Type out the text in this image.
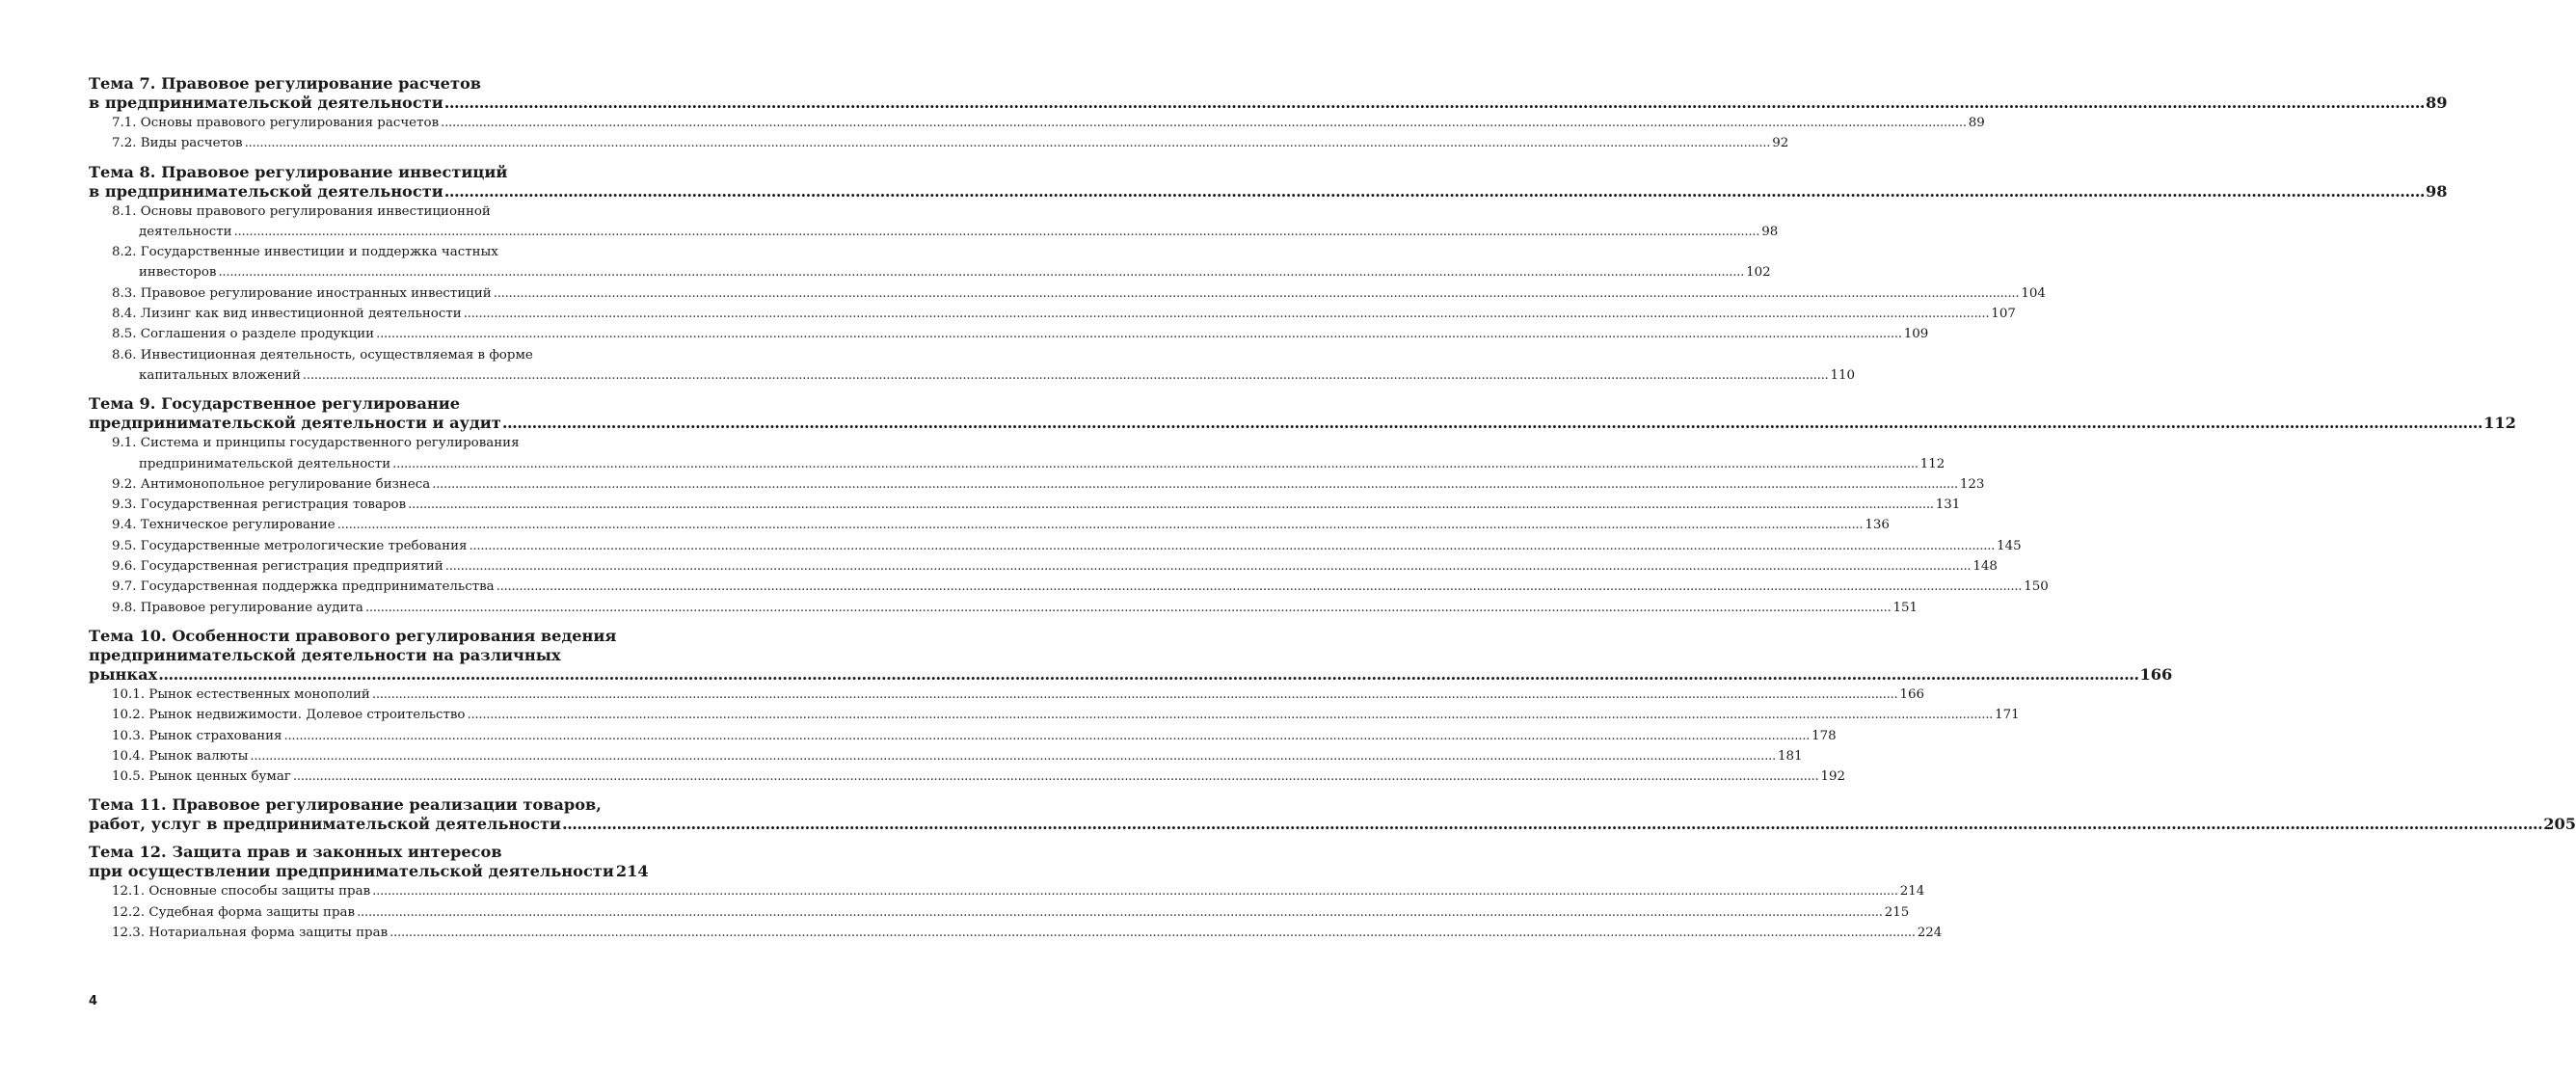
Тема 7. Правовое регулирование расчетов
в предпринимательской деятельности ................................................................................................................................................................................................................................................................................................................................................................................................................ 89
7.1. Основы правового регулирования расчетов ................................................................................................................................................................................................................................................................................................................................................................................................................ 89
7.2. Виды расчетов ................................................................................................................................................................................................................................................................................................................................................................................................................ 92
Тема 8. Правовое регулирование инвестиций
в предпринимательской деятельности ................................................................................................................................................................................................................................................................................................................................................................................................................ 98
8.1. Основы правового регулирования инвестиционной
деятельности ................................................................................................................................................................................................................................................................................................................................................................................................................ 98
8.2. Государственные инвестиции и поддержка частных
инвесторов ................................................................................................................................................................................................................................................................................................................................................................................................................ 102
8.3. Правовое регулирование иностранных инвестиций ................................................................................................................................................................................................................................................................................................................................................................................................................ 104
8.4. Лизинг как вид инвестиционной деятельности ................................................................................................................................................................................................................................................................................................................................................................................................................ 107
8.5. Соглашения о разделе продукции ................................................................................................................................................................................................................................................................................................................................................................................................................ 109
8.6. Инвестиционная деятельность, осуществляемая в форме
капитальных вложений ................................................................................................................................................................................................................................................................................................................................................................................................................ 110
Тема 9. Государственное регулирование
предпринимательской деятельности и аудит ................................................................................................................................................................................................................................................................................................................................................................................................................ 112
9.1. Система и принципы государственного регулирования
предпринимательской деятельности ................................................................................................................................................................................................................................................................................................................................................................................................................ 112
9.2. Антимонопольное регулирование бизнеса ................................................................................................................................................................................................................................................................................................................................................................................................................ 123
9.3. Государственная регистрация товаров ................................................................................................................................................................................................................................................................................................................................................................................................................ 131
9.4. Техническое регулирование ................................................................................................................................................................................................................................................................................................................................................................................................................ 136
9.5. Государственные метрологические требования ................................................................................................................................................................................................................................................................................................................................................................................................................ 145
9.6. Государственная регистрация предприятий ................................................................................................................................................................................................................................................................................................................................................................................................................ 148
9.7. Государственная поддержка предпринимательства ................................................................................................................................................................................................................................................................................................................................................................................................................ 150
9.8. Правовое регулирование аудита ................................................................................................................................................................................................................................................................................................................................................................................................................ 151
Тема 10. Особенности правового регулирования ведения
предпринимательской деятельности на различных
рынках ................................................................................................................................................................................................................................................................................................................................................................................................................ 166
10.1. Рынок естественных монополий ................................................................................................................................................................................................................................................................................................................................................................................................................ 166
10.2. Рынок недвижимости. Долевое строительство ................................................................................................................................................................................................................................................................................................................................................................................................................ 171
10.3. Рынок страхования ................................................................................................................................................................................................................................................................................................................................................................................................................ 178
10.4. Рынок валюты ................................................................................................................................................................................................................................................................................................................................................................................................................ 181
10.5. Рынок ценных бумаг ................................................................................................................................................................................................................................................................................................................................................................................................................ 192
Тема 11. Правовое регулирование реализации товаров,
работ, услуг в предпринимательской деятельности ................................................................................................................................................................................................................................................................................................................................................................................................................ 205
Тема 12. Защита прав и законных интересов
при осуществлении предпринимательской деятельности 214
12.1. Основные способы защиты прав ................................................................................................................................................................................................................................................................................................................................................................................................................ 214
12.2. Судебная форма защиты прав ................................................................................................................................................................................................................................................................................................................................................................................................................ 215
12.3. Нотариальная форма защиты прав ................................................................................................................................................................................................................................................................................................................................................................................................................ 224
4
